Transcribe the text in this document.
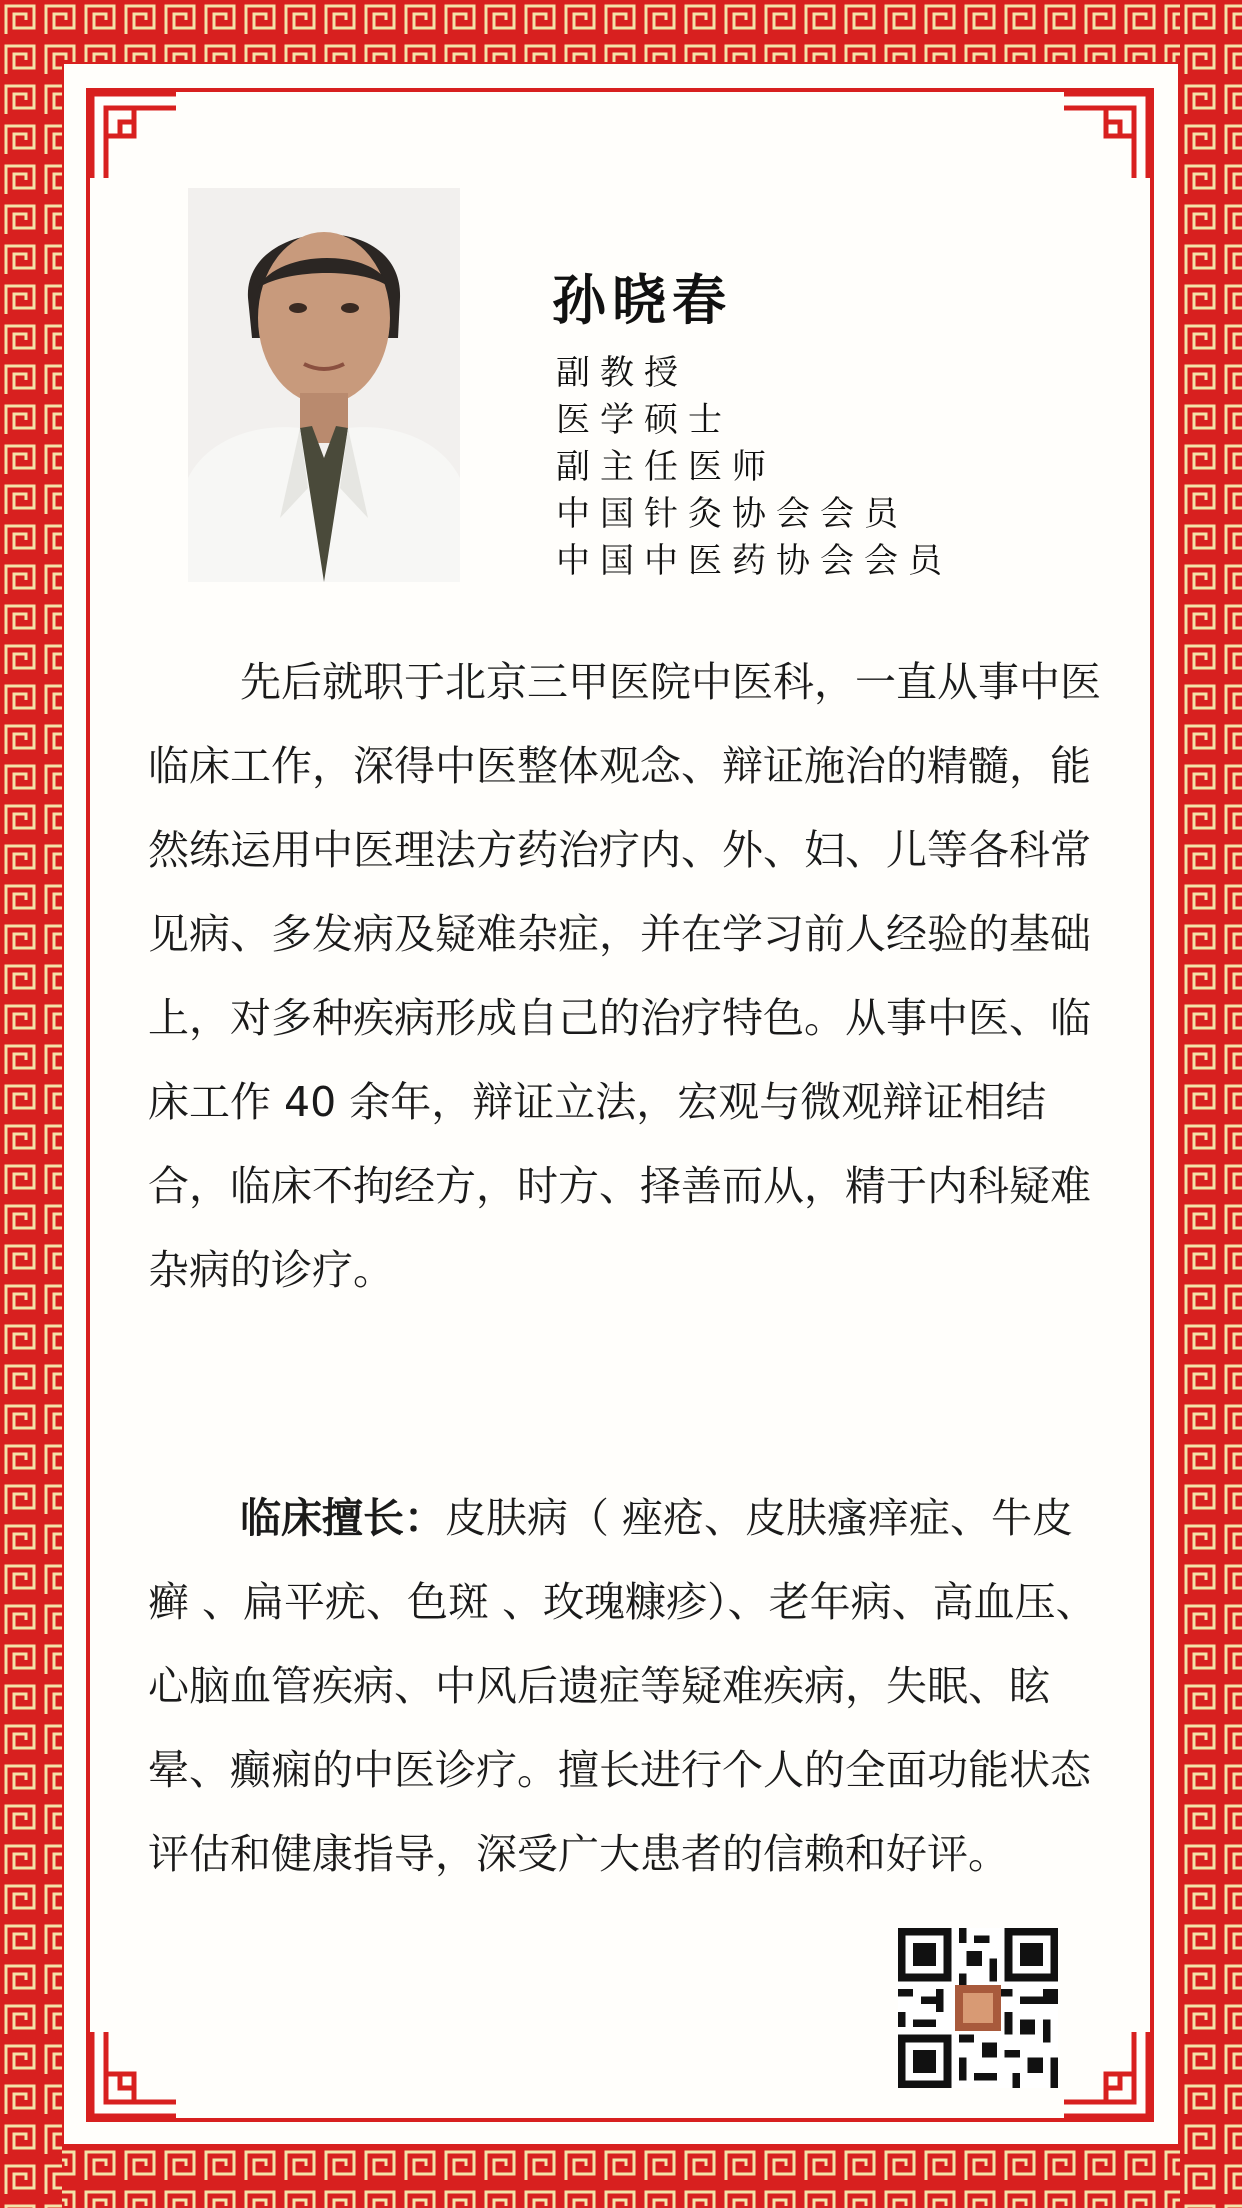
孙晓春
副教授
医学硕士
副主任医师
中国针灸协会会员
中国中医药协会会员

先后就职于北京三甲医院中医科，一直从事中医临床工作，深得中医整体观念、辩证施治的精髓，能然练运用中医理法方药治疗内、外、妇、儿等各科常见病、多发病及疑难杂症，并在学习前人经验的基础上，对多种疾病形成自己的治疗特色。从事中医、临床工作 40 余年，辩证立法，宏观与微观辩证相结合，临床不拘经方，时方、择善而从，精于内科疑难杂病的诊疗。

临床擅长：皮肤病（ 痤疮、皮肤瘙痒症、牛皮癣 、扁平疣、色斑 、玫瑰糠疹）、老年病、高血压、心脑血管疾病、中风后遗症等疑难疾病，失眠、眩晕、癫痫的中医诊疗。擅长进行个人的全面功能状态评估和健康指导，深受广大患者的信赖和好评。
